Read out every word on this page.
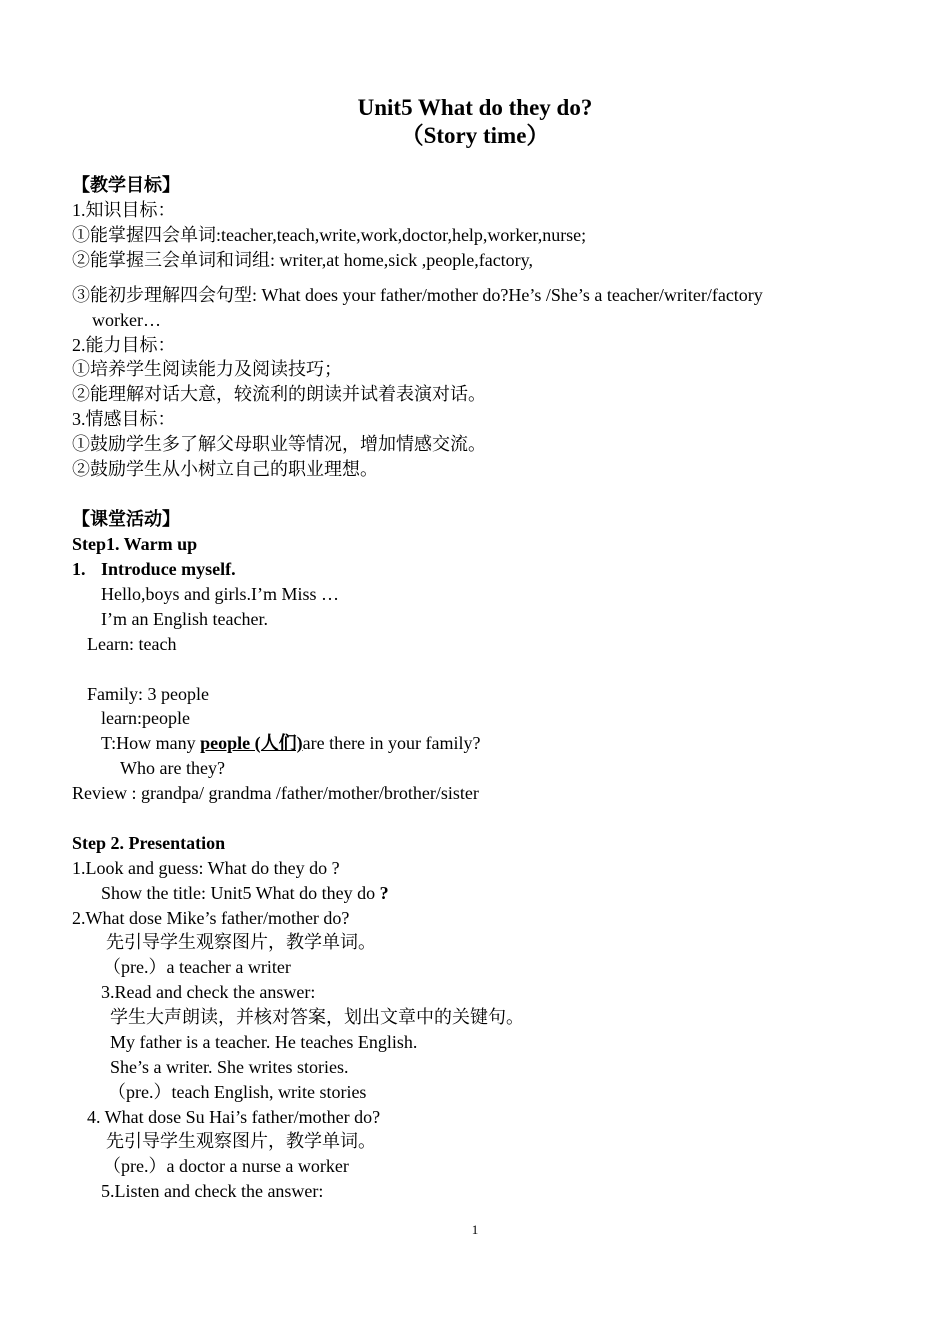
Unit5 What do they do?
（Story time）
【教学目标】
1.知识目标：
①能掌握四会单词:teacher,teach,write,work,doctor,help,worker,nurse;
②能掌握三会单词和词组: writer,at home,sick ,people,factory,
③能初步理解四会句型: What does your father/mother do?He’s /She’s a teacher/writer/factory
worker…
2.能力目标：
①培养学生阅读能力及阅读技巧；
②能理解对话大意，较流利的朗读并试着表演对话。
3.情感目标：
①鼓励学生多了解父母职业等情况，增加情感交流。
②鼓励学生从小树立自己的职业理想。
【课堂活动】
Step1. Warm up
1. Introduce myself.
Hello,boys and girls.I’m Miss …
I’m an English teacher.
Learn: teach
Family: 3 people
learn:people
T:How many people (人们)are there in your family?
Who are they?
Review : grandpa/ grandma /father/mother/brother/sister
Step 2. Presentation
1.Look and guess: What do they do ?
Show the title: Unit5 What do they do ?
2.What dose Mike’s father/mother do?
先引导学生观察图片，教学单词。
（pre.）a teacher a writer
3.Read and check the answer:
学生大声朗读，并核对答案，划出文章中的关键句。
My father is a teacher. He teaches English.
She’s a writer. She writes stories.
（pre.）teach English, write stories
4. What dose Su Hai’s father/mother do?
先引导学生观察图片，教学单词。
（pre.）a doctor a nurse a worker
5.Listen and check the answer:
1
